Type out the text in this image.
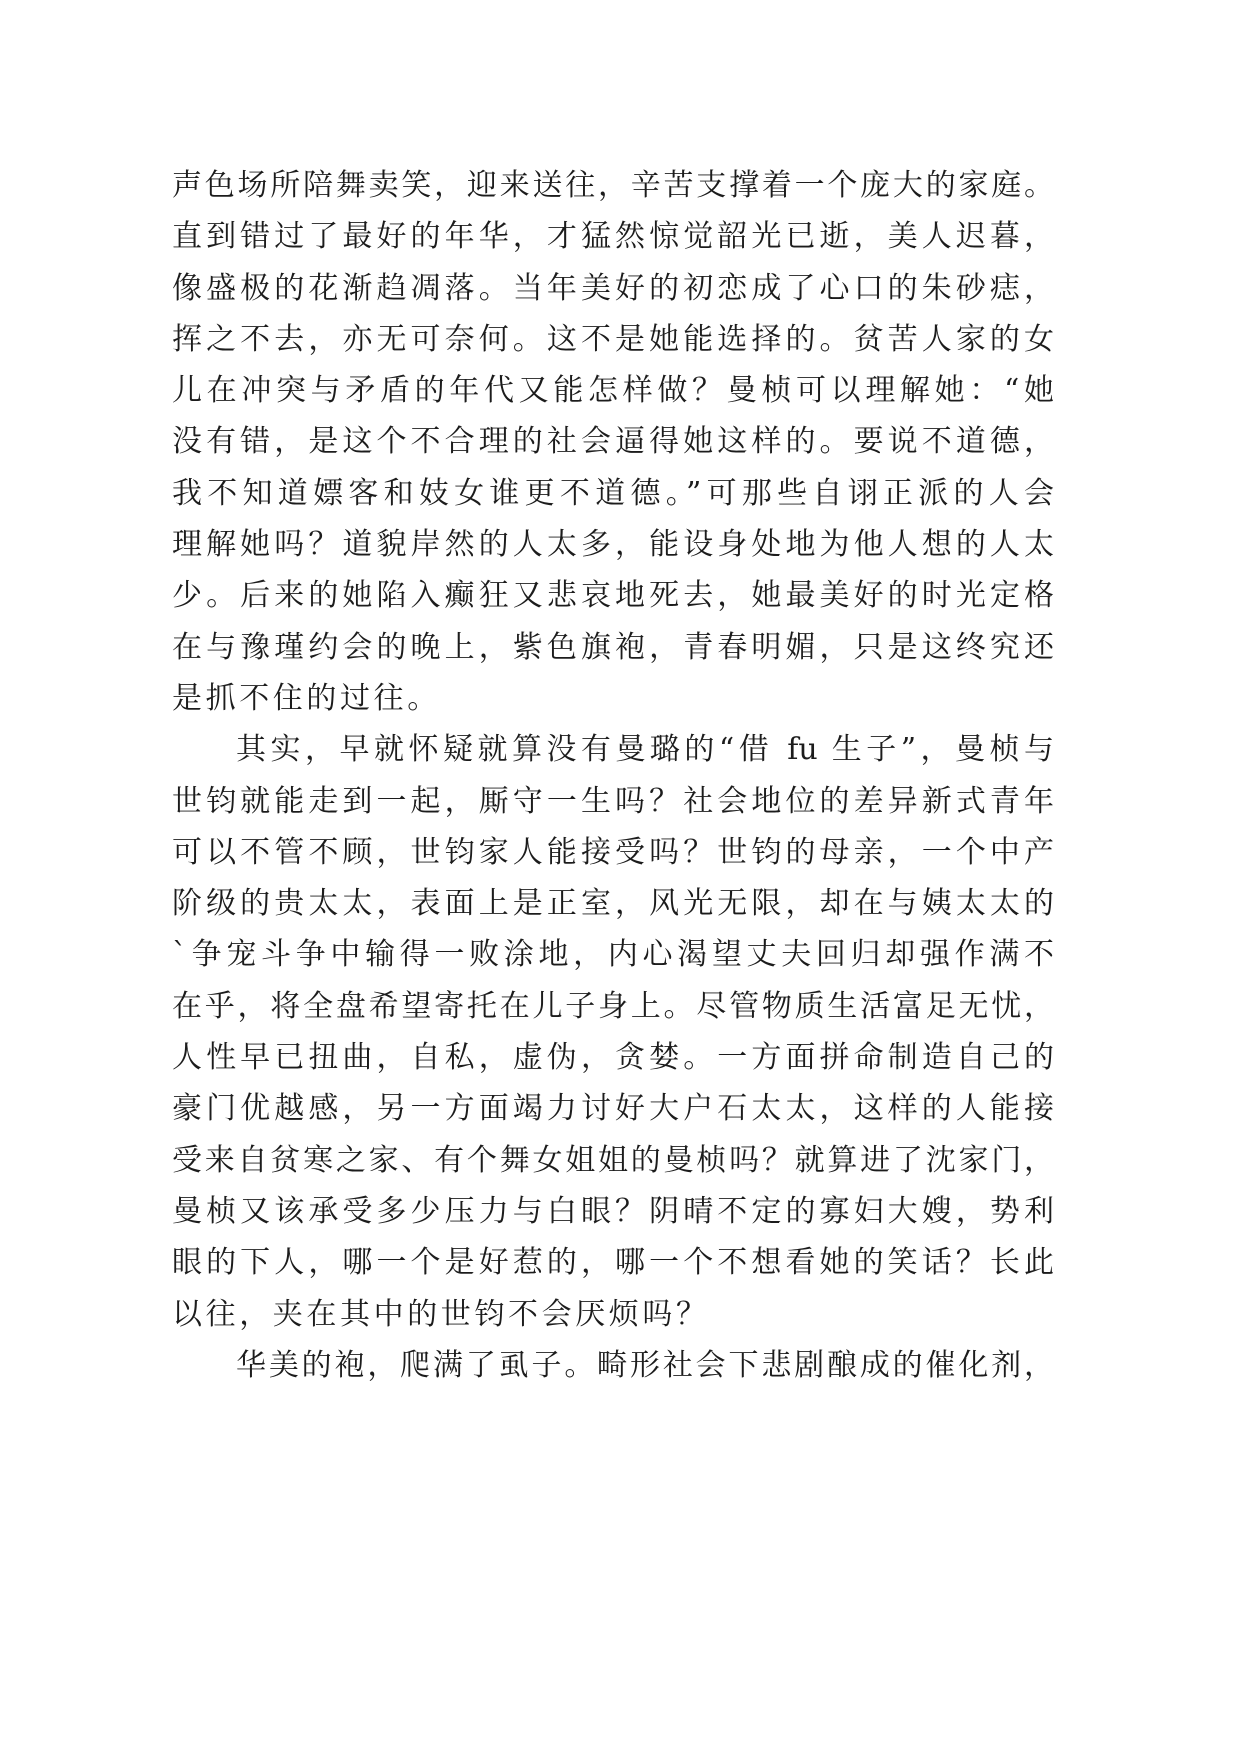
声色场所陪舞卖笑，迎来送往，辛苦支撑着一个庞大的家庭。
直到错过了最好的年华，才猛然惊觉韶光已逝，美人迟暮，
像盛极的花渐趋凋落。当年美好的初恋成了心口的朱砂痣，
挥之不去，亦无可奈何。这不是她能选择的。贫苦人家的女
儿在冲突与矛盾的年代又能怎样做？曼桢可以理解她：“她
没有错，是这个不合理的社会逼得她这样的。要说不道德，
我不知道嫖客和妓女谁更不道德。”可那些自诩正派的人会
理解她吗？道貌岸然的人太多，能设身处地为他人想的人太
少。后来的她陷入癫狂又悲哀地死去，她最美好的时光定格
在与豫瑾约会的晚上，紫色旗袍，青春明媚，只是这终究还
是抓不住的过往。
其实，早就怀疑就算没有曼璐的“借 fu 生子”，曼桢与
世钧就能走到一起，厮守一生吗？社会地位的差异新式青年
可以不管不顾，世钧家人能接受吗？世钧的母亲，一个中产
阶级的贵太太，表面上是正室，风光无限，却在与姨太太的
`争宠斗争中输得一败涂地，内心渴望丈夫回归却强作满不
在乎，将全盘希望寄托在儿子身上。尽管物质生活富足无忧，
人性早已扭曲，自私，虚伪，贪婪。一方面拼命制造自己的
豪门优越感，另一方面竭力讨好大户石太太，这样的人能接
受来自贫寒之家、有个舞女姐姐的曼桢吗？就算进了沈家门，
曼桢又该承受多少压力与白眼？阴晴不定的寡妇大嫂，势利
眼的下人，哪一个是好惹的，哪一个不想看她的笑话？长此
以往，夹在其中的世钧不会厌烦吗？
华美的袍，爬满了虱子。畸形社会下悲剧酿成的催化剂，
